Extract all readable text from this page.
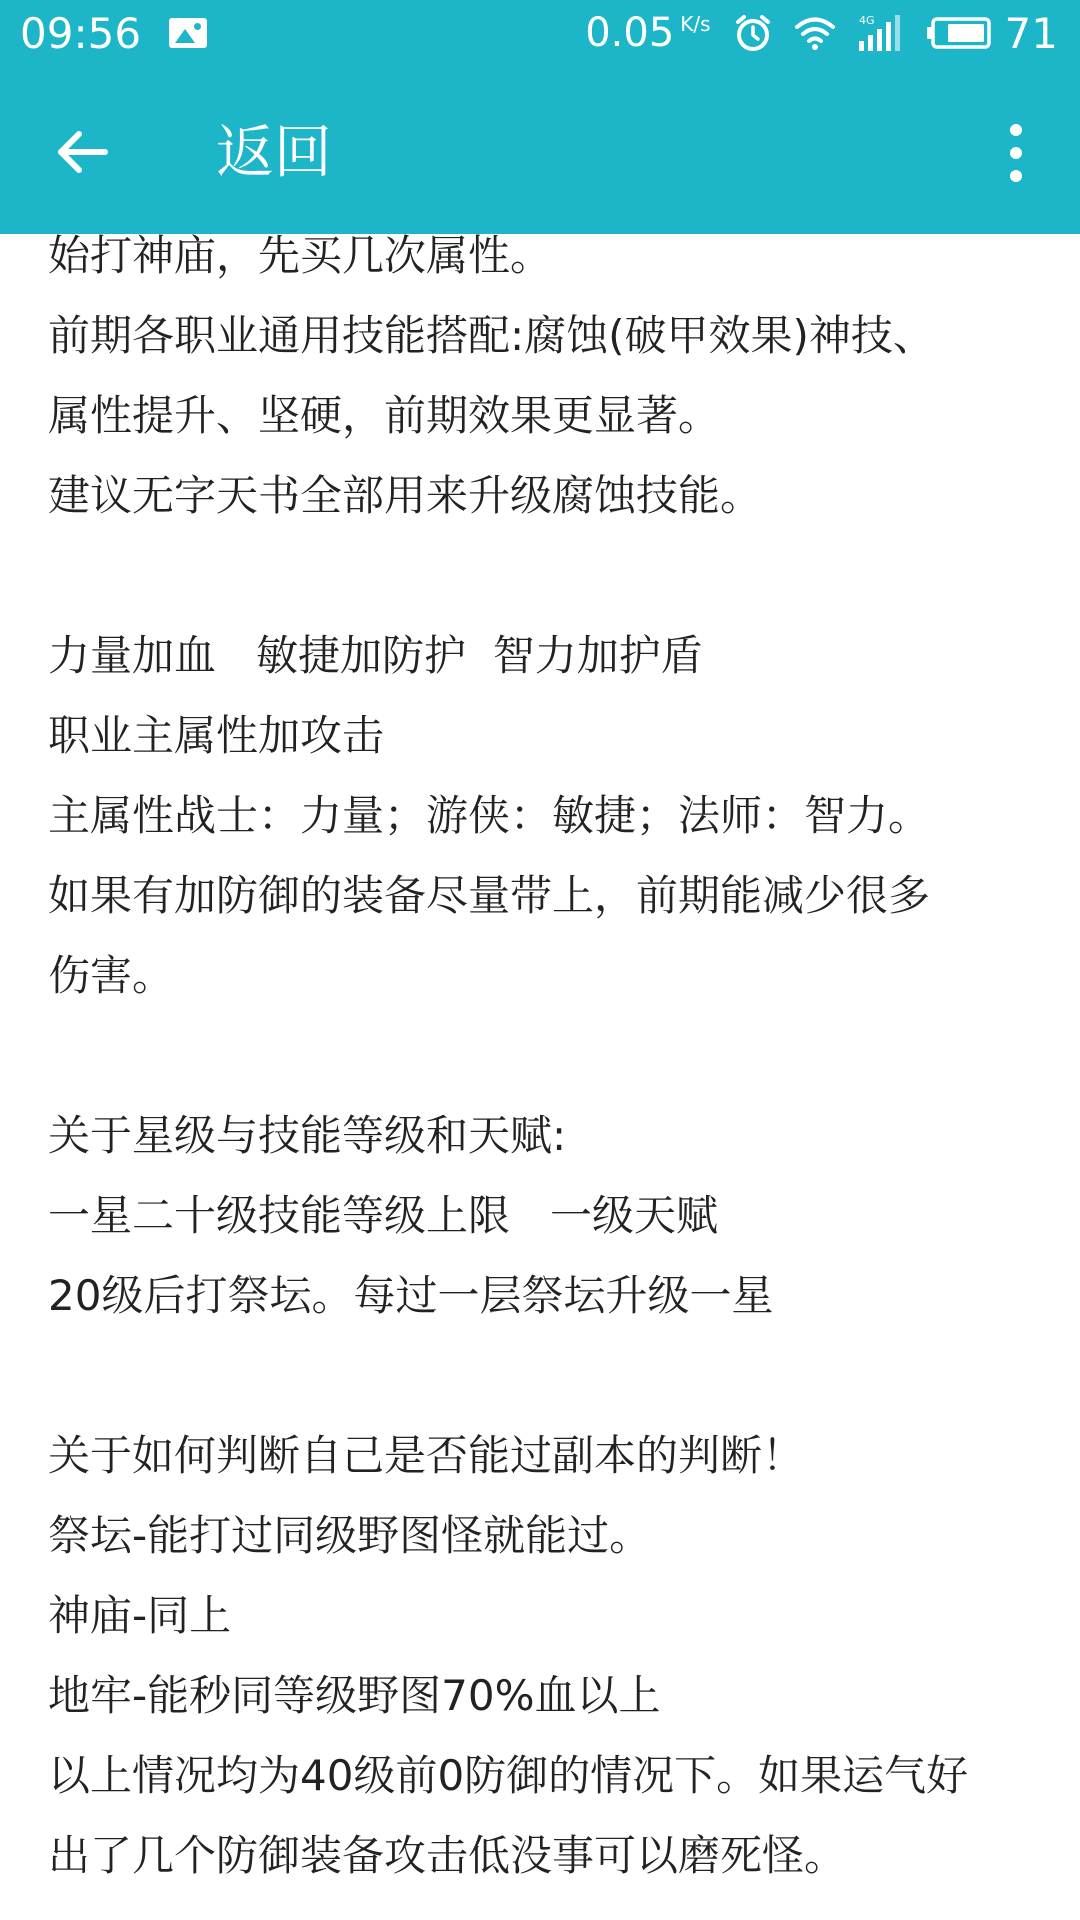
09:56	0.05 K/s	4G	71
返回
始打神庙，先买几次属性。
前期各职业通用技能搭配:腐蚀(破甲效果)神技、
属性提升、坚硬，前期效果更显著。
建议无字天书全部用来升级腐蚀技能。
力量加血   敏捷加防护  智力加护盾
职业主属性加攻击
主属性战士：力量；游侠：敏捷；法师：智力。
如果有加防御的装备尽量带上，前期能减少很多
伤害。
关于星级与技能等级和天赋:
一星二十级技能等级上限   一级天赋
20级后打祭坛。每过一层祭坛升级一星
关于如何判断自己是否能过副本的判断！
祭坛-能打过同级野图怪就能过。
神庙-同上
地牢-能秒同等级野图70%血以上
以上情况均为40级前0防御的情况下。如果运气好
出了几个防御装备攻击低没事可以磨死怪。
